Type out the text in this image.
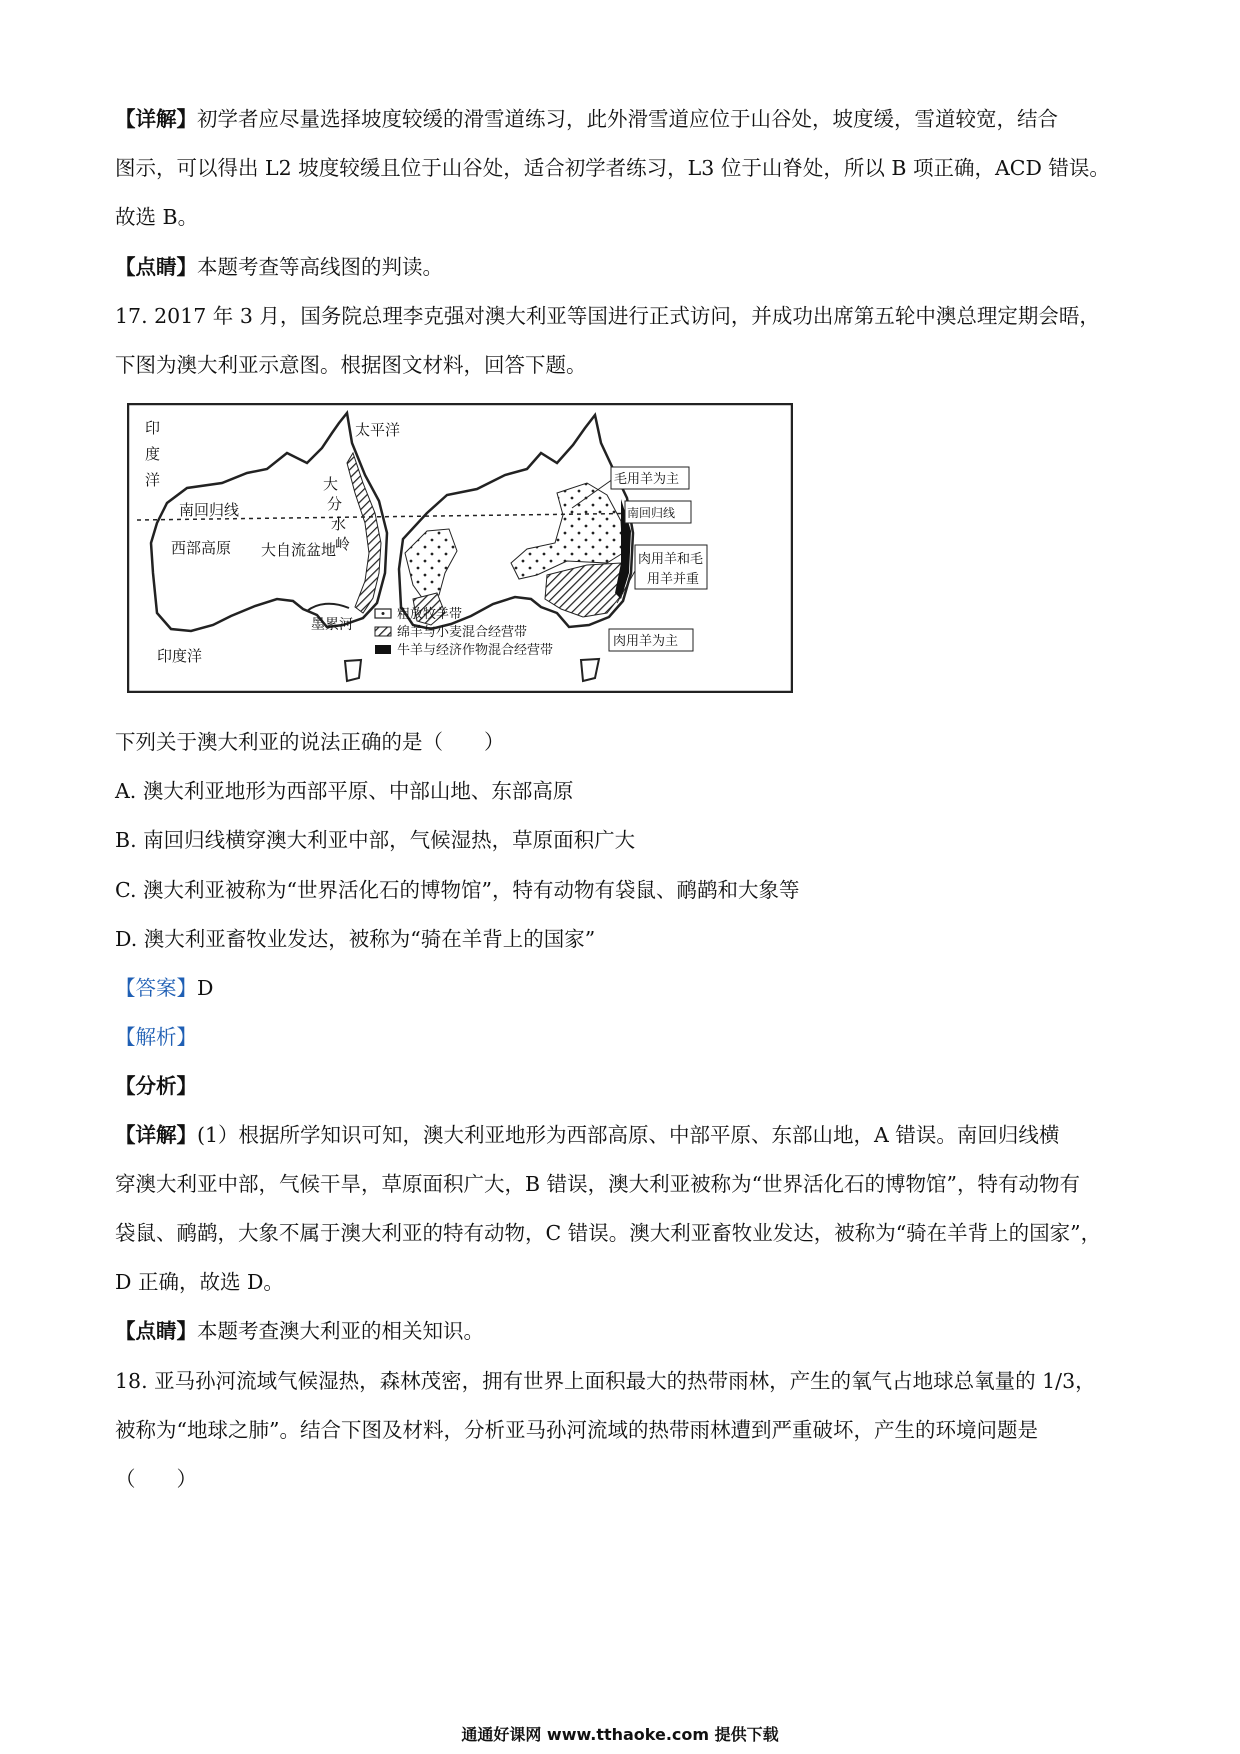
【详解】初学者应尽量选择坡度较缓的滑雪道练习，此外滑雪道应位于山谷处，坡度缓，雪道较宽，结合
图示，可以得出 L2 坡度较缓且位于山谷处，适合初学者练习，L3 位于山脊处，所以 B 项正确，ACD 错误。
故选 B。
【点睛】本题考查等高线图的判读。
17. 2017 年 3 月，国务院总理李克强对澳大利亚等国进行正式访问，并成功出席第五轮中澳总理定期会晤，
下图为澳大利亚示意图。根据图文材料，回答下题。
印
度
洋
太平洋
南回归线
西部高原 大自流盆地
大
分
水
岭
墨累河
印度洋
毛用羊为主
南回归线
肉用羊和毛
用羊并重
肉用羊为主
粗放牧羊带
绵羊与小麦混合经营带
牛羊与经济作物混合经营带
下列关于澳大利亚的说法正确的是（　　）
A. 澳大利亚地形为西部平原、中部山地、东部高原
B. 南回归线横穿澳大利亚中部，气候湿热，草原面积广大
C. 澳大利亚被称为“世界活化石的博物馆”，特有动物有袋鼠、鸸鹋和大象等
D. 澳大利亚畜牧业发达，被称为“骑在羊背上的国家”
【答案】D
【解析】
【分析】
【详解】(1）根据所学知识可知，澳大利亚地形为西部高原、中部平原、东部山地，A 错误。南回归线横
穿澳大利亚中部，气候干旱，草原面积广大，B 错误，澳大利亚被称为“世界活化石的博物馆”，特有动物有
袋鼠、鸸鹋，大象不属于澳大利亚的特有动物，C 错误。澳大利亚畜牧业发达，被称为“骑在羊背上的国家”，
D 正确，故选 D。
【点睛】本题考查澳大利亚的相关知识。
18. 亚马孙河流域气候湿热，森林茂密，拥有世界上面积最大的热带雨林，产生的氧气占地球总氧量的 1/3，
被称为“地球之肺”。结合下图及材料，分析亚马孙河流域的热带雨林遭到严重破坏，产生的环境问题是
（　　）
通通好课网 www.tthaoke.com 提供下载
